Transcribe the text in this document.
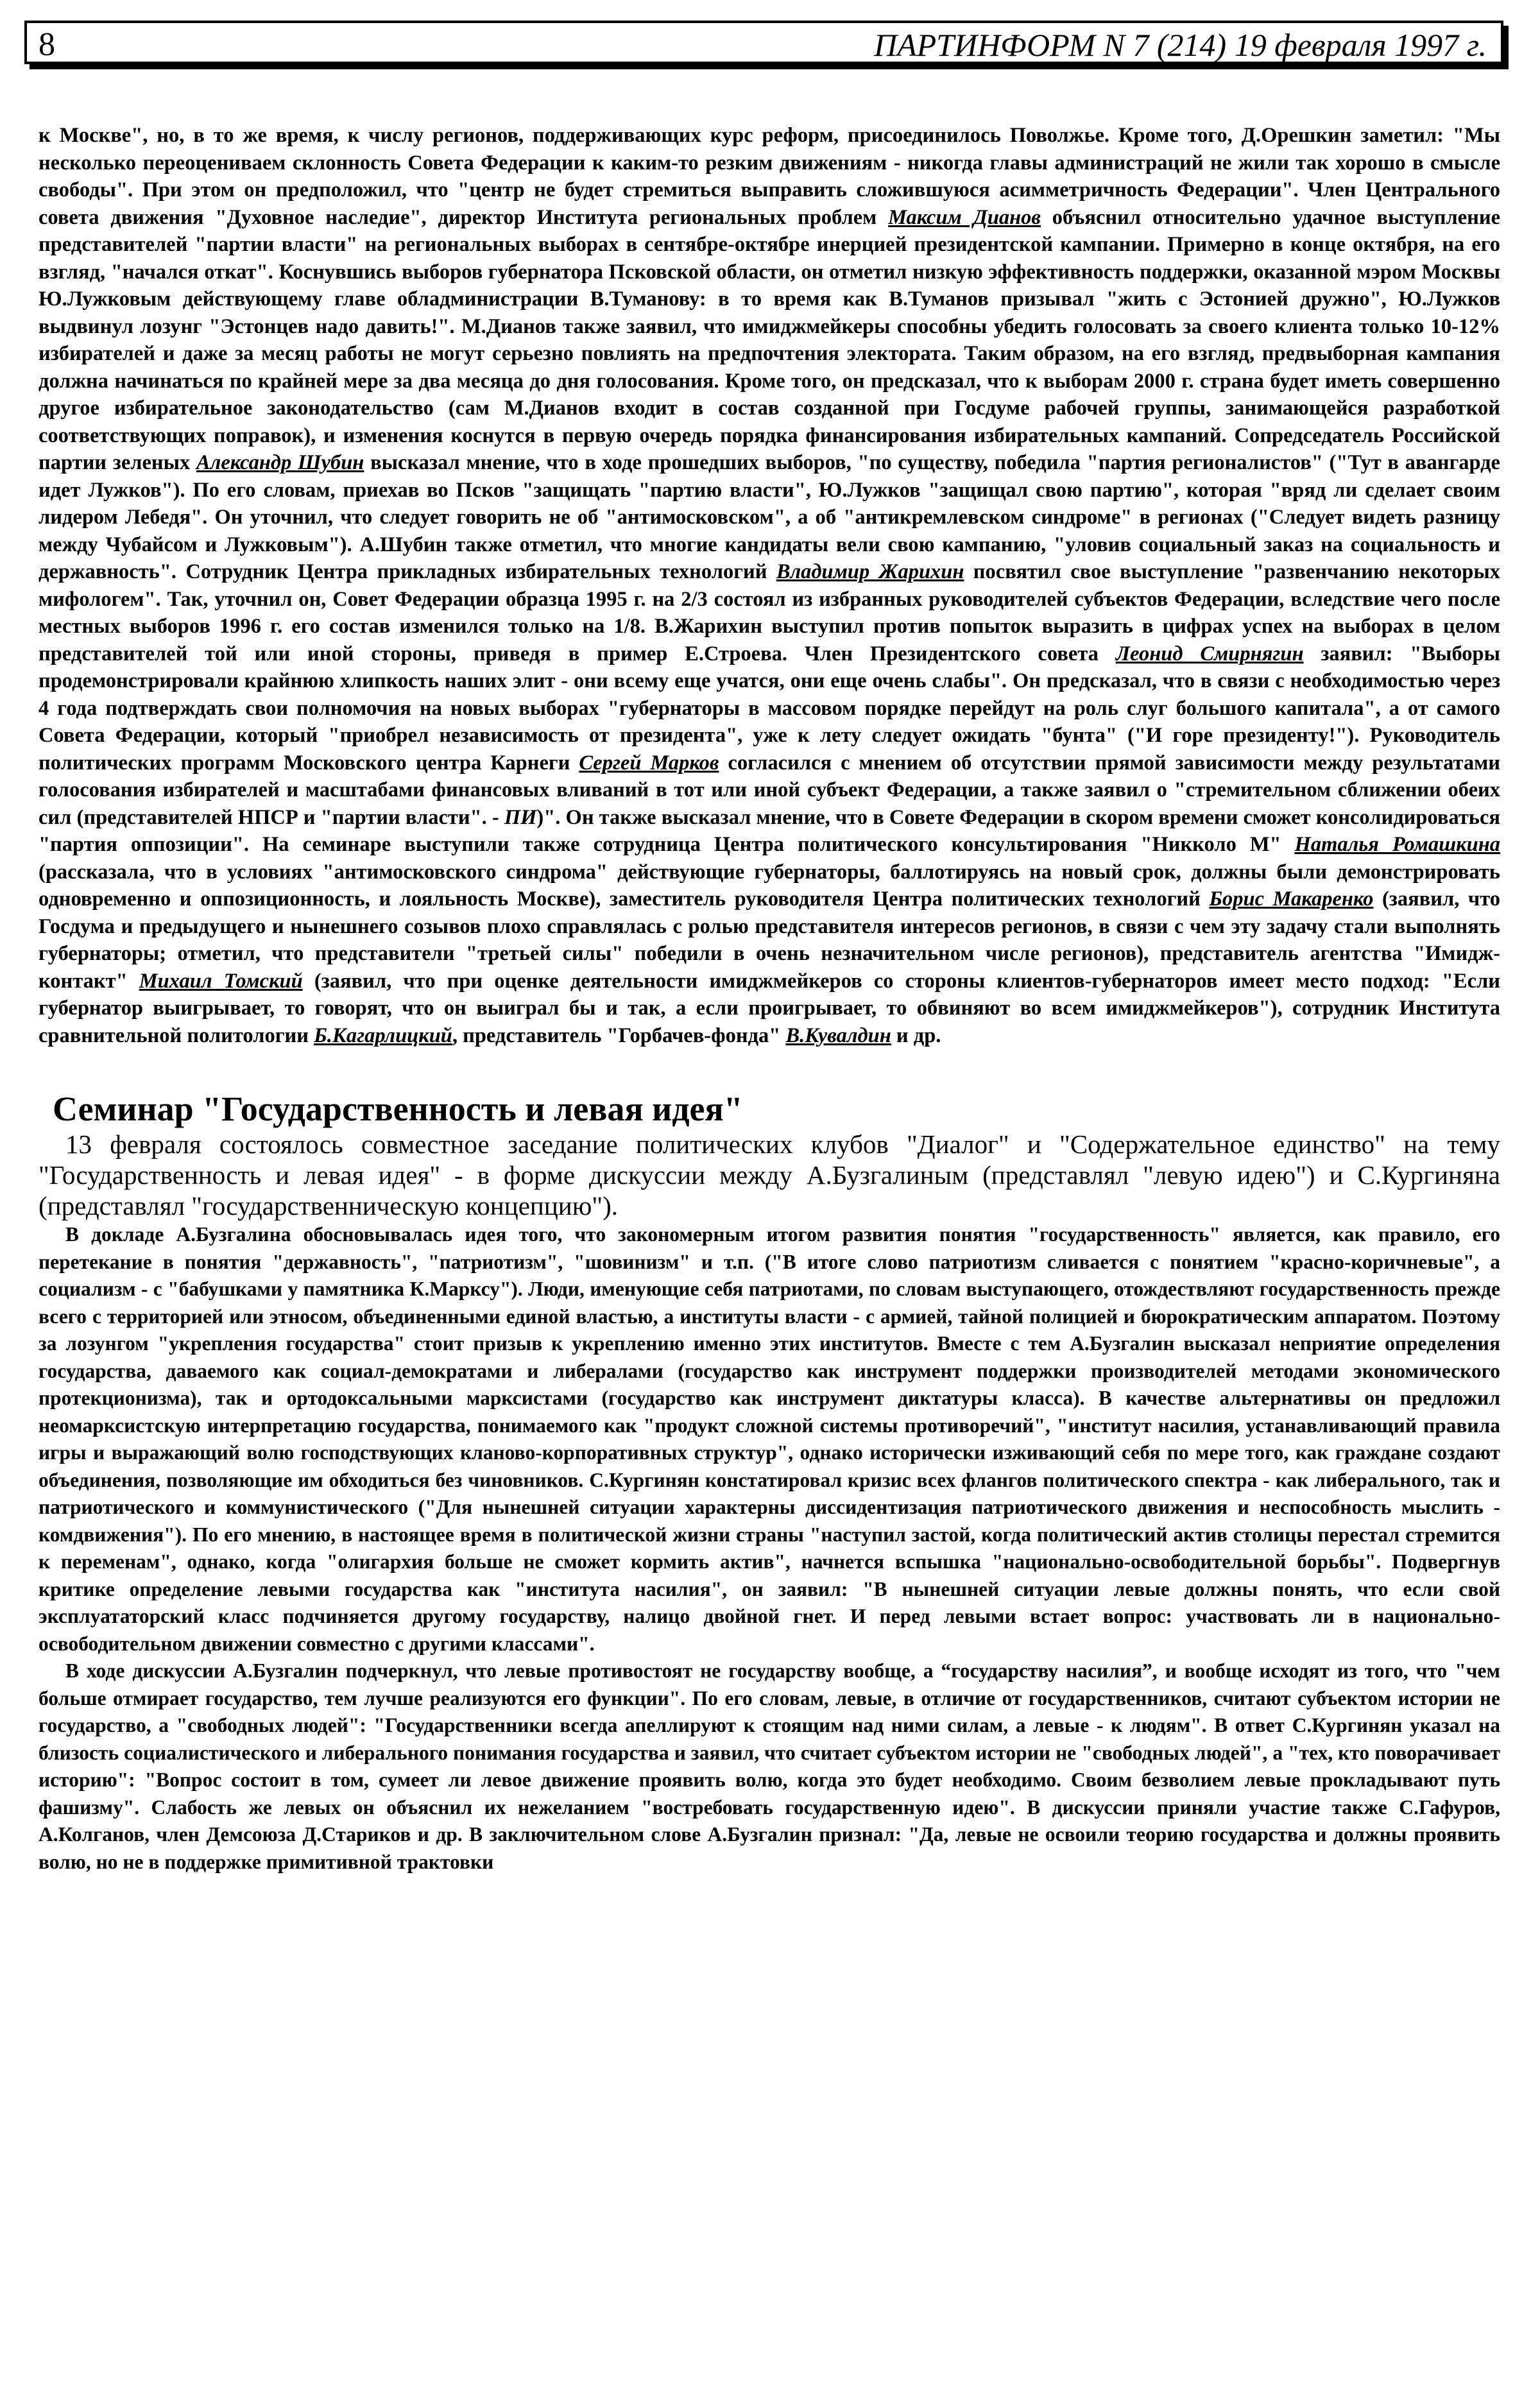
8	ПАРТИНФОРМ N 7 (214) 19 февраля 1997 г.

к Москве", но, в то же время, к числу регионов, поддерживающих курс реформ, присоединилось Поволжье. Кроме того, Д.Орешкин заметил: "Мы несколько переоцениваем склонность Совета Федерации к каким-то резким движениям - никогда главы администраций не жили так хорошо в смысле свободы". При этом он предположил, что "центр не будет стремиться выправить сложившуюся асимметричность Федерации". Член Центрального совета движения "Духовное наследие", директор Института региональных проблем Максим Дианов объяснил относительно удачное выступление представителей "партии власти" на региональных выборах в сентябре-октябре инерцией президентской кампании. Примерно в конце октября, на его взгляд, "начался откат". Коснувшись выборов губернатора Псковской области, он отметил низкую эффективность поддержки, оказанной мэром Москвы Ю.Лужковым действующему главе обладминистрации В.Туманову: в то время как В.Туманов призывал "жить с Эстонией дружно", Ю.Лужков выдвинул лозунг "Эстонцев надо давить!". М.Дианов также заявил, что имиджмейкеры способны убедить голосовать за своего клиента только 10-12% избирателей и даже за месяц работы не могут серьезно повлиять на предпочтения электората. Таким образом, на его взгляд, предвыборная кампания должна начинаться по крайней мере за два месяца до дня голосования. Кроме того, он предсказал, что к выборам 2000 г. страна будет иметь совершенно другое избирательное законодательство (сам М.Дианов входит в состав созданной при Госдуме рабочей группы, занимающейся разработкой соответствующих поправок), и изменения коснутся в первую очередь порядка финансирования избирательных кампаний. Сопредседатель Российской партии зеленых Александр Шубин высказал мнение, что в ходе прошедших выборов, "по существу, победила "партия регионалистов" ("Тут в авангарде идет Лужков"). По его словам, приехав во Псков "защищать "партию власти", Ю.Лужков "защищал свою партию", которая "вряд ли сделает своим лидером Лебедя". Он уточнил, что следует говорить не об "антимосковском", а об "антикремлевском синдроме" в регионах ("Следует видеть разницу между Чубайсом и Лужковым"). А.Шубин также отметил, что многие кандидаты вели свою кампанию, "уловив социальный заказ на социальность и державность". Сотрудник Центра прикладных избирательных технологий Владимир Жарихин посвятил свое выступление "развенчанию некоторых мифологем". Так, уточнил он, Совет Федерации образца 1995 г. на 2/3 состоял из избранных руководителей субъектов Федерации, вследствие чего после местных выборов 1996 г. его состав изменился только на 1/8. В.Жарихин выступил против попыток выразить в цифрах успех на выборах в целом представителей той или иной стороны, приведя в пример Е.Строева. Член Президентского совета Леонид Смирнягин заявил: "Выборы продемонстрировали крайнюю хлипкость наших элит - они всему еще учатся, они еще очень слабы". Он предсказал, что в связи с необходимостью через 4 года подтверждать свои полномочия на новых выборах "губернаторы в массовом порядке перейдут на роль слуг большого капитала", а от самого Совета Федерации, который "приобрел независимость от президента", уже к лету следует ожидать "бунта" ("И горе президенту!"). Руководитель политических программ Московского центра Карнеги Сергей Марков согласился с мнением об отсутствии прямой зависимости между результатами голосования избирателей и масштабами финансовых вливаний в тот или иной субъект Федерации, а также заявил о "стремительном сближении обеих сил (представителей НПСР и "партии власти". - ПИ)". Он также высказал мнение, что в Совете Федерации в скором времени сможет консолидироваться "партия оппозиции". На семинаре выступили также сотрудница Центра политического консультирования "Никколо М" Наталья Ромашкина (рассказала, что в условиях "антимосковского синдрома" действующие губернаторы, баллотируясь на новый срок, должны были демонстрировать одновременно и оппозиционность, и лояльность Москве), заместитель руководителя Центра политических технологий Борис Макаренко (заявил, что Госдума и предыдущего и нынешнего созывов плохо справлялась с ролью представителя интересов регионов, в связи с чем эту задачу стали выполнять губернаторы; отметил, что представители "третьей силы" победили в очень незначительном числе регионов), представитель агентства "Имидж-контакт" Михаил Томский (заявил, что при оценке деятельности имиджмейкеров со стороны клиентов-губернаторов имеет место подход: "Если губернатор выигрывает, то говорят, что он выиграл бы и так, а если проигрывает, то обвиняют во всем имиджмейкеров"), сотрудник Института сравнительной политологии Б.Кагарлицкий, представитель "Горбачев-фонда" В.Кувалдин и др.

Семинар "Государственность и левая идея"

13 февраля состоялось совместное заседание политических клубов "Диалог" и "Содержательное единство" на тему "Государственность и левая идея" - в форме дискуссии между А.Бузгалиным (представлял "левую идею") и С.Кургиняна (представлял "государственническую концепцию").

В докладе А.Бузгалина обосновывалась идея того, что закономерным итогом развития понятия "государственность" является, как правило, его перетекание в понятия "державность", "патриотизм", "шовинизм" и т.п. ("В итоге слово патриотизм сливается с понятием "красно-коричневые", а социализм - с "бабушками у памятника К.Марксу"). Люди, именующие себя патриотами, по словам выступающего, отождествляют государственность прежде всего с территорией или этносом, объединенными единой властью, а институты власти - с армией, тайной полицией и бюрократическим аппаратом. Поэтому за лозунгом "укрепления государства" стоит призыв к укреплению именно этих институтов. Вместе с тем А.Бузгалин высказал неприятие определения государства, даваемого как социал-демократами и либералами (государство как инструмент поддержки производителей методами экономического протекционизма), так и ортодоксальными марксистами (государство как инструмент диктатуры класса). В качестве альтернативы он предложил неомарксистскую интерпретацию государства, понимаемого как "продукт сложной системы противоречий", "институт насилия, устанавливающий правила игры и выражающий волю господствующих кланово-корпоративных структур", однако исторически изживающий себя по мере того, как граждане создают объединения, позволяющие им обходиться без чиновников. С.Кургинян констатировал кризис всех флангов политического спектра - как либерального, так и патриотического и коммунистического ("Для нынешней ситуации характерны диссидентизация патриотического движения и неспособность мыслить - комдвижения"). По его мнению, в настоящее время в политической жизни страны "наступил застой, когда политический актив столицы перестал стремится к переменам", однако, когда "олигархия больше не сможет кормить актив", начнется вспышка "национально-освободительной борьбы". Подвергнув критике определение левыми государства как "института насилия", он заявил: "В нынешней ситуации левые должны понять, что если свой эксплуататорский класс подчиняется другому государству, налицо двойной гнет. И перед левыми встает вопрос: участвовать ли в национально-освободительном движении совместно с другими классами".

В ходе дискуссии А.Бузгалин подчеркнул, что левые противостоят не государству вообще, а “государству насилия”, и вообще исходят из того, что "чем больше отмирает государство, тем лучше реализуются его функции". По его словам, левые, в отличие от государственников, считают субъектом истории не государство, а "свободных людей": "Государственники всегда апеллируют к стоящим над ними силам, а левые - к людям". В ответ С.Кургинян указал на близость социалистического и либерального понимания государства и заявил, что считает субъектом истории не "свободных людей", а "тех, кто поворачивает историю": "Вопрос состоит в том, сумеет ли левое движение проявить волю, когда это будет необходимо. Своим безволием левые прокладывают путь фашизму". Слабость же левых он объяснил их нежеланием "востребовать государственную идею". В дискуссии приняли участие также С.Гафуров, А.Колганов, член Демсоюза Д.Стариков и др. В заключительном слове А.Бузгалин признал: "Да, левые не освоили теорию государства и должны проявить волю, но не в поддержке примитивной трактовки
